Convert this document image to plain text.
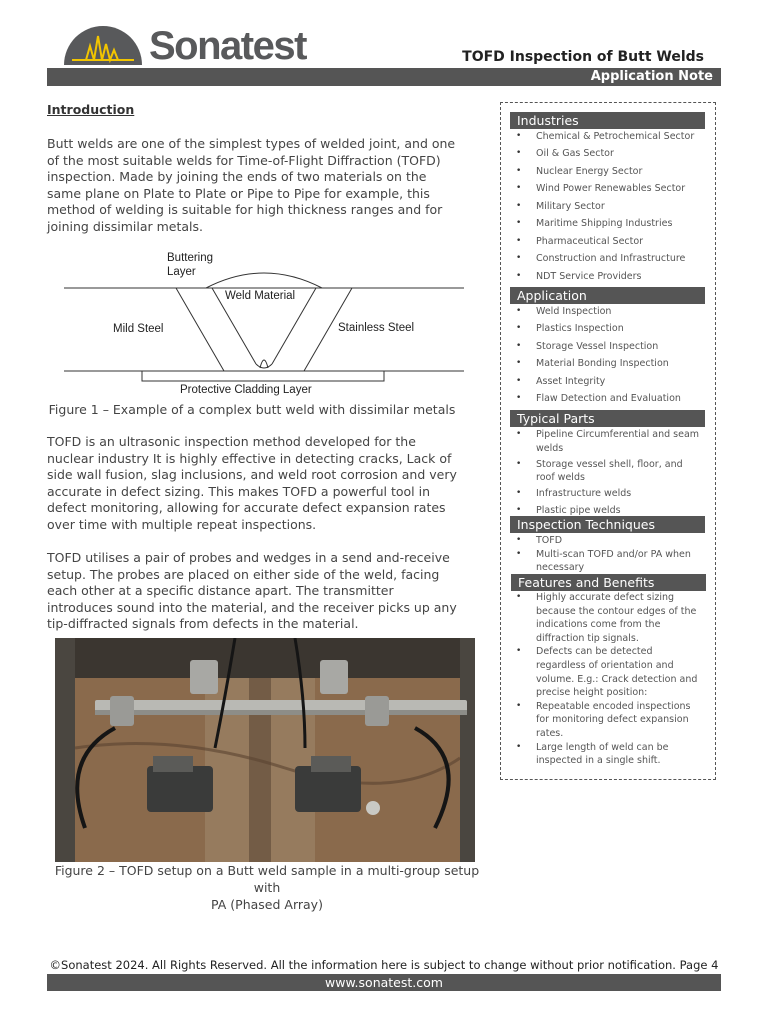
Sonatest	TOFD Inspection of Butt Welds
Application Note
Introduction

Butt welds are one of the simplest types of welded joint, and one of the most suitable welds for Time-of-Flight Diffraction (TOFD) inspection. Made by joining the ends of two materials on the same plane on Plate to Plate or Pipe to Pipe for example, this method of welding is suitable for high thickness ranges and for joining dissimilar metals.

Buttering
Layer
Weld Material
Mild Steel	Stainless Steel
Protective Cladding Layer
Figure 1 – Example of a complex butt weld with dissimilar metals

TOFD is an ultrasonic inspection method developed for the nuclear industry It is highly effective in detecting cracks, Lack of side wall fusion, slag inclusions, and weld root corrosion and very accurate in defect sizing. This makes TOFD a powerful tool in defect monitoring, allowing for accurate defect expansion rates over time with multiple repeat inspections.

TOFD utilises a pair of probes and wedges in a send and-receive setup. The probes are placed on either side of the weld, facing each other at a specific distance apart. The transmitter introduces sound into the material, and the receiver picks up any tip-diffracted signals from defects in the material.

Figure 2 – TOFD setup on a Butt weld sample in a multi-group setup with
PA (Phased Array)
Industries
• Chemical & Petrochemical Sector
• Oil & Gas Sector
• Nuclear Energy Sector
• Wind Power Renewables Sector
• Military Sector
• Maritime Shipping Industries
• Pharmaceutical Sector
• Construction and Infrastructure
• NDT Service Providers
Application
• Weld Inspection
• Plastics Inspection
• Storage Vessel Inspection
• Material Bonding Inspection
• Asset Integrity
• Flaw Detection and Evaluation
Typical Parts
• Pipeline Circumferential and seam welds
• Storage vessel shell, floor, and roof welds
• Infrastructure welds
• Plastic pipe welds
Inspection Techniques
• TOFD
• Multi-scan TOFD and/or PA when necessary
Features and Benefits
• Highly accurate defect sizing because the contour edges of the indications come from the diffraction tip signals.
• Defects can be detected regardless of orientation and volume. E.g.: Crack detection and precise height position:
• Repeatable encoded inspections for monitoring defect expansion rates.
• Large length of weld can be inspected in a single shift.
©Sonatest 2024. All Rights Reserved. All the information here is subject to change without prior notification. Page 4
www.sonatest.com
